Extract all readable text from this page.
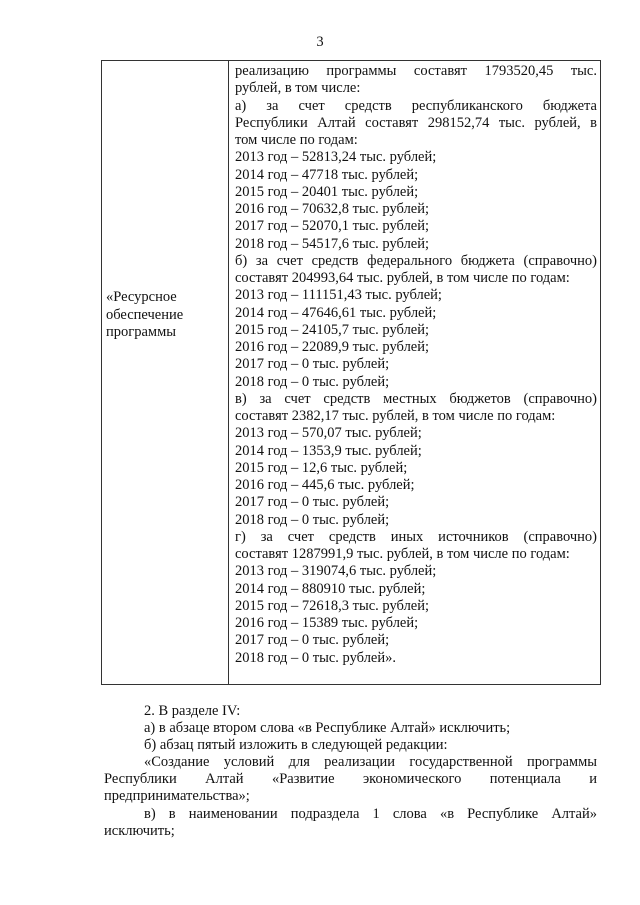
3
«Ресурсное
обеспечение
программы
реализацию программы составят 1793520,45 тыс.
рублей, в том числе:
а) за счет средств республиканского бюджета
Республики Алтай составят 298152,74 тыс. рублей, в
том числе по годам:
2013 год – 52813,24 тыс. рублей;
2014 год – 47718 тыс. рублей;
2015 год – 20401 тыс. рублей;
2016 год – 70632,8 тыс. рублей;
2017 год – 52070,1 тыс. рублей;
2018 год – 54517,6 тыс. рублей;
б) за счет средств федерального бюджета (справочно)
составят 204993,64 тыс. рублей, в том числе по годам:
2013 год – 111151,43 тыс. рублей;
2014 год – 47646,61 тыс. рублей;
2015 год – 24105,7 тыс. рублей;
2016 год – 22089,9 тыс. рублей;
2017 год – 0 тыс. рублей;
2018 год – 0 тыс. рублей;
в) за счет средств местных бюджетов (справочно)
составят 2382,17 тыс. рублей, в том числе по годам:
2013 год – 570,07 тыс. рублей;
2014 год – 1353,9 тыс. рублей;
2015 год – 12,6 тыс. рублей;
2016 год – 445,6 тыс. рублей;
2017 год – 0 тыс. рублей;
2018 год – 0 тыс. рублей;
г) за счет средств иных источников (справочно)
составят 1287991,9 тыс. рублей, в том числе по годам:
2013 год – 319074,6 тыс. рублей;
2014 год – 880910 тыс. рублей;
2015 год – 72618,3 тыс. рублей;
2016 год – 15389 тыс. рублей;
2017 год – 0 тыс. рублей;
2018 год – 0 тыс. рублей».
2. В разделе IV:
а) в абзаце втором слова «в Республике Алтай» исключить;
б) абзац пятый изложить в следующей редакции:
«Создание условий для реализации государственной программы
Республики Алтай «Развитие экономического потенциала и
предпринимательства»;
в) в наименовании подраздела 1 слова «в Республике Алтай»
исключить;
